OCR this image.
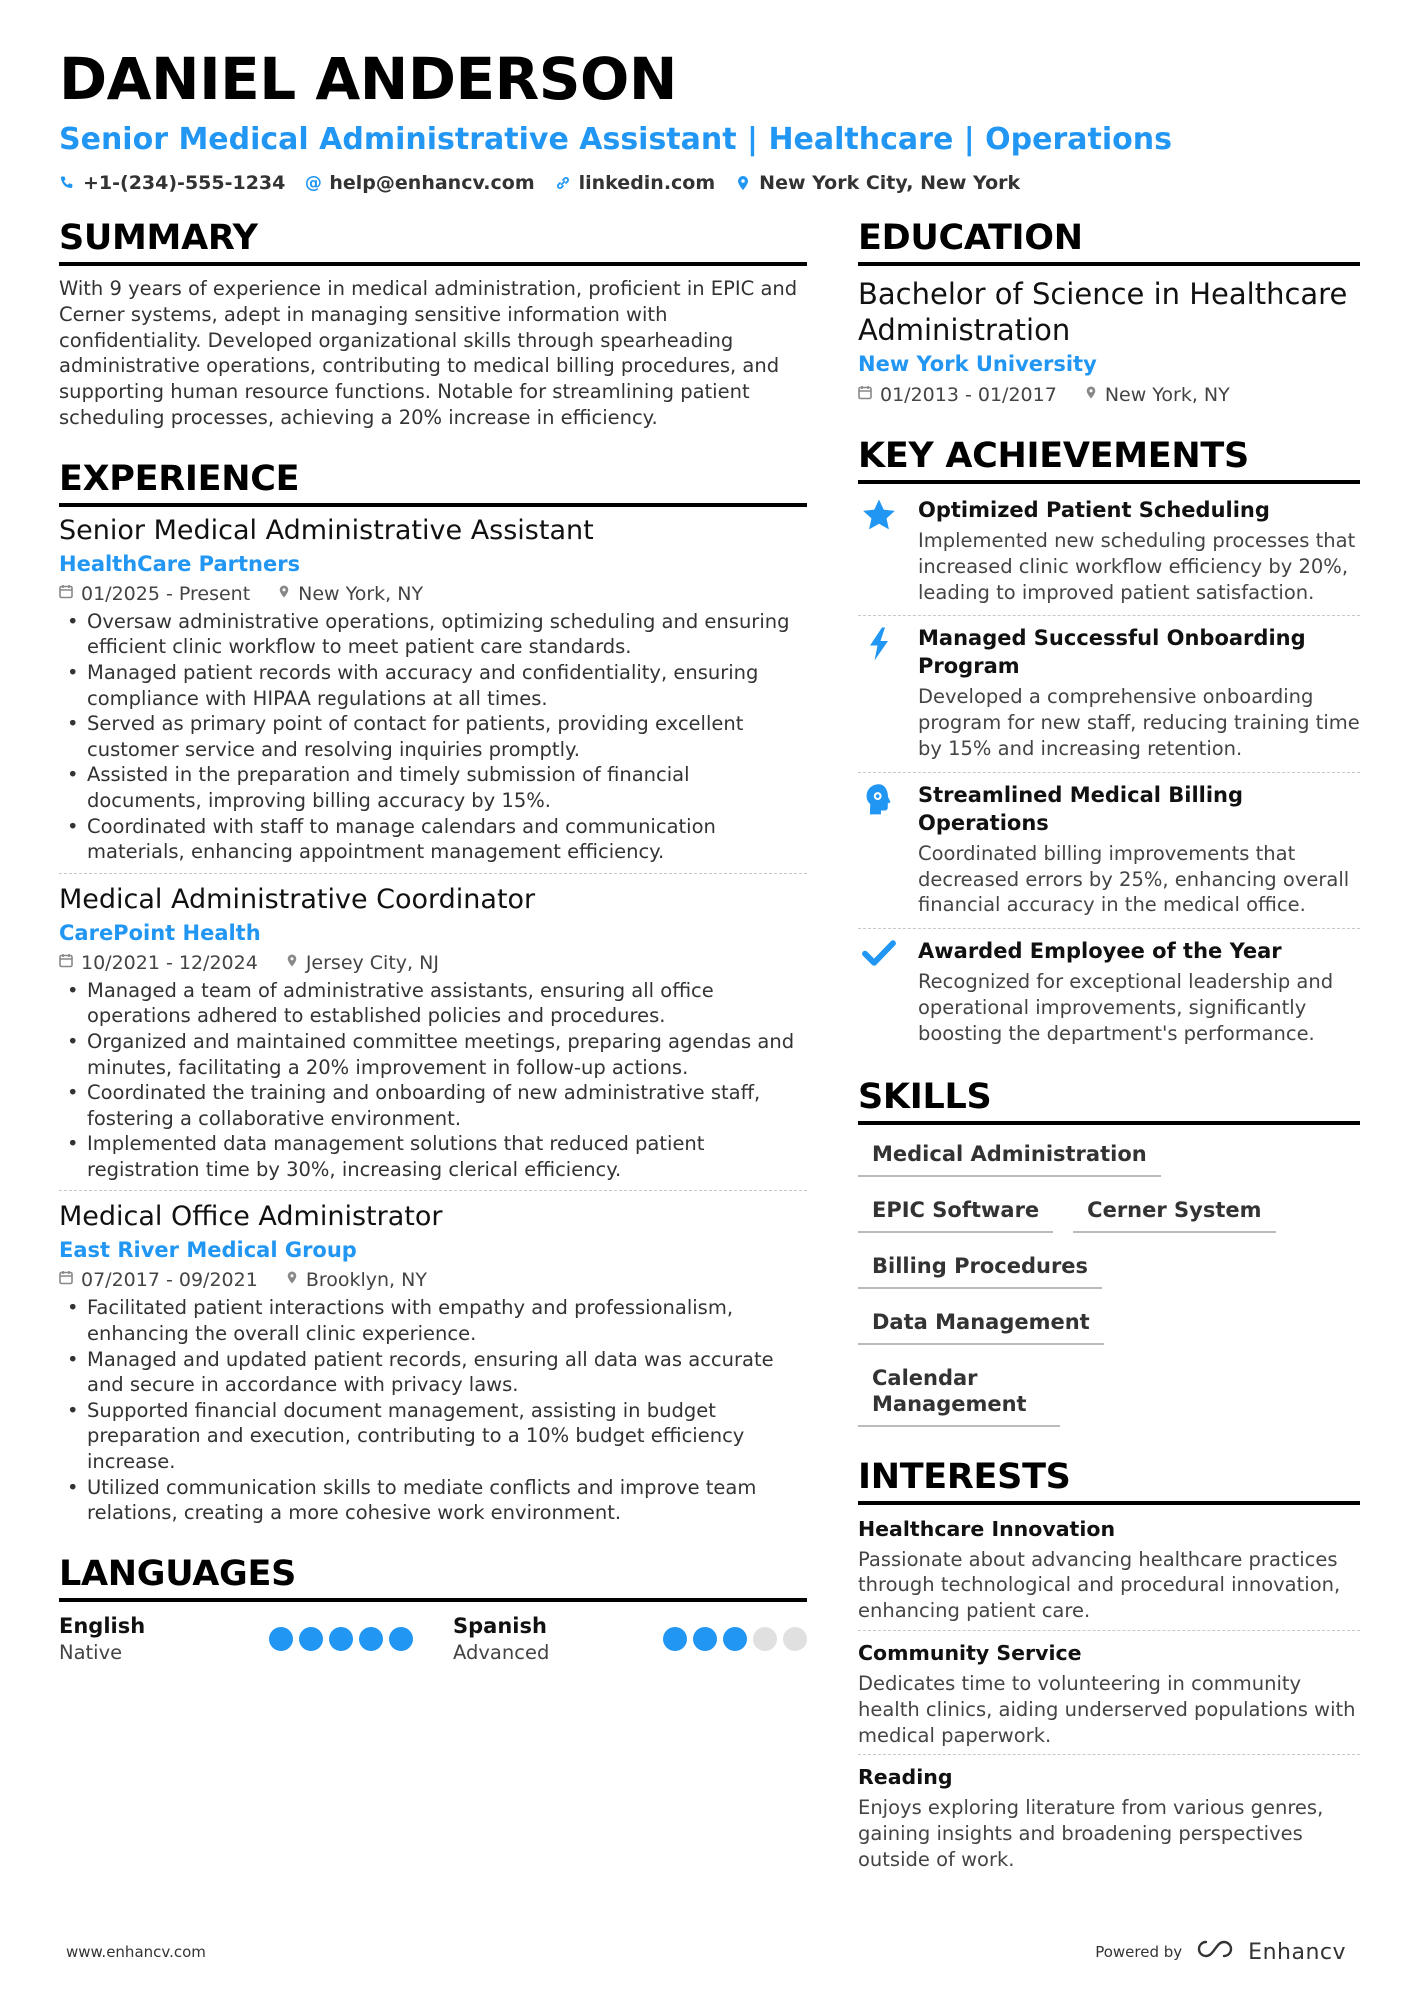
DANIEL ANDERSON
Senior Medical Administrative Assistant | Healthcare | Operations
+1-(234)-555-1234 @ help@enhancv.com linkedin.com New York City, New York
SUMMARY
With 9 years of experience in medical administration, proficient in EPIC and Cerner systems, adept in managing sensitive information with confidentiality. Developed organizational skills through spearheading administrative operations, contributing to medical billing procedures, and supporting human resource functions. Notable for streamlining patient scheduling processes, achieving a 20% increase in efficiency.
EXPERIENCE
Senior Medical Administrative Assistant
HealthCare Partners
01/2025 - Present	New York, NY
• Oversaw administrative operations, optimizing scheduling and ensuring efficient clinic workflow to meet patient care standards.
• Managed patient records with accuracy and confidentiality, ensuring compliance with HIPAA regulations at all times.
• Served as primary point of contact for patients, providing excellent customer service and resolving inquiries promptly.
• Assisted in the preparation and timely submission of financial documents, improving billing accuracy by 15%.
• Coordinated with staff to manage calendars and communication materials, enhancing appointment management efficiency.
Medical Administrative Coordinator
CarePoint Health
10/2021 - 12/2024	Jersey City, NJ
• Managed a team of administrative assistants, ensuring all office operations adhered to established policies and procedures.
• Organized and maintained committee meetings, preparing agendas and minutes, facilitating a 20% improvement in follow-up actions.
• Coordinated the training and onboarding of new administrative staff, fostering a collaborative environment.
• Implemented data management solutions that reduced patient registration time by 30%, increasing clerical efficiency.
Medical Office Administrator
East River Medical Group
07/2017 - 09/2021	Brooklyn, NY
• Facilitated patient interactions with empathy and professionalism, enhancing the overall clinic experience.
• Managed and updated patient records, ensuring all data was accurate and secure in accordance with privacy laws.
• Supported financial document management, assisting in budget preparation and execution, contributing to a 10% budget efficiency increase.
• Utilized communication skills to mediate conflicts and improve team relations, creating a more cohesive work environment.
LANGUAGES
English
Native
Spanish
Advanced
EDUCATION
Bachelor of Science in Healthcare Administration
New York University
01/2013 - 01/2017	New York, NY
KEY ACHIEVEMENTS
Optimized Patient Scheduling
Implemented new scheduling processes that increased clinic workflow efficiency by 20%, leading to improved patient satisfaction.
Managed Successful Onboarding Program
Developed a comprehensive onboarding program for new staff, reducing training time by 15% and increasing retention.
Streamlined Medical Billing Operations
Coordinated billing improvements that decreased errors by 25%, enhancing overall financial accuracy in the medical office.
Awarded Employee of the Year
Recognized for exceptional leadership and operational improvements, significantly boosting the department's performance.
SKILLS
Medical Administration
EPIC Software	Cerner System
Billing Procedures
Data Management
Calendar Management
INTERESTS
Healthcare Innovation
Passionate about advancing healthcare practices through technological and procedural innovation, enhancing patient care.
Community Service
Dedicates time to volunteering in community health clinics, aiding underserved populations with medical paperwork.
Reading
Enjoys exploring literature from various genres, gaining insights and broadening perspectives outside of work.
www.enhancv.com	Powered by	Enhancv
